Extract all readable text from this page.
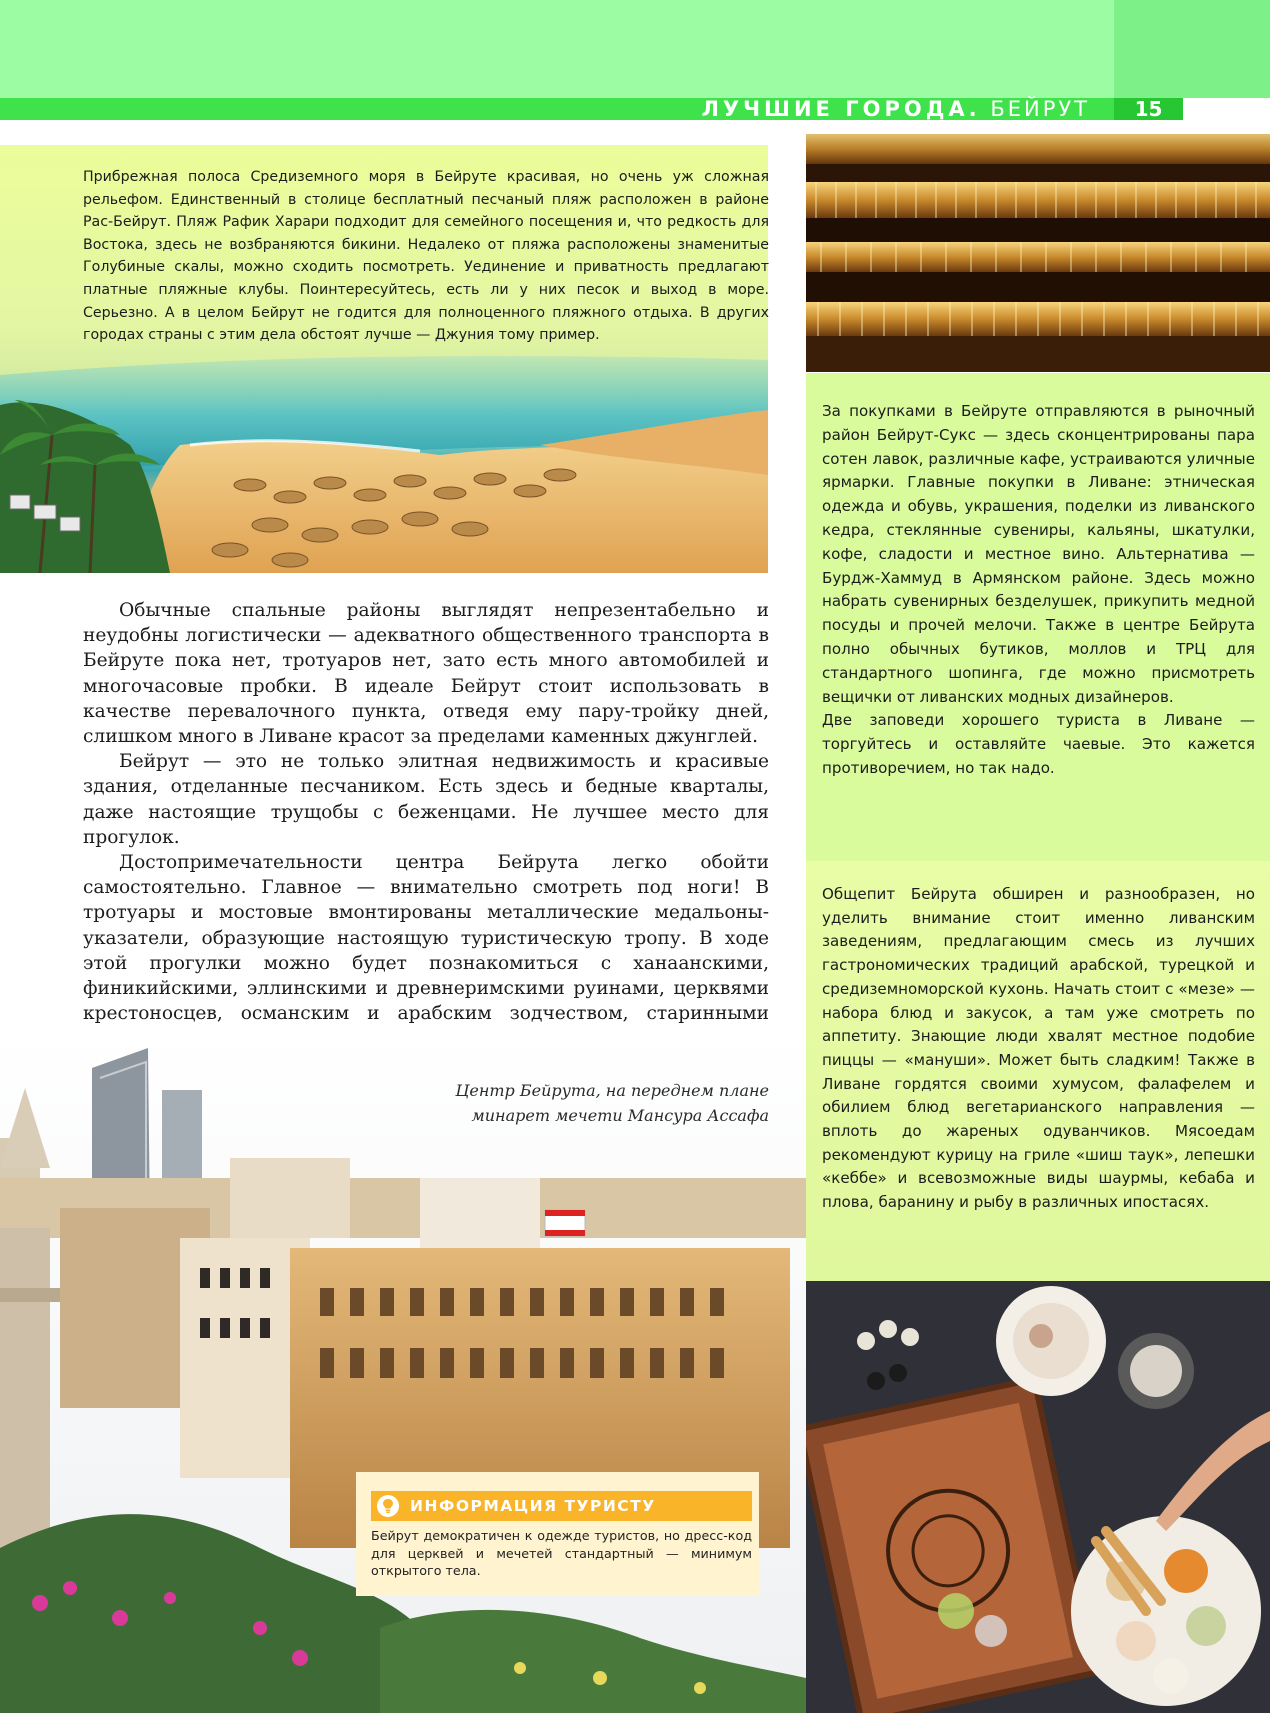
ЛУЧШИЕ ГОРОДА. БЕЙРУТ	15
Прибрежная полоса Средиземного моря в Бейруте красивая, но очень уж сложная рельефом. Единственный в столице бесплатный песчаный пляж расположен в районе Рас-Бейрут. Пляж Рафик Харари подходит для семейного посещения и, что редкость для Востока, здесь не возбраняются бикини. Недалеко от пляжа расположены знаменитые Голубиные скалы, можно сходить посмотреть. Уединение и приватность предлагают платные пляжные клубы. Поинтересуйтесь, есть ли у них песок и выход в море. Серьезно. А в целом Бейрут не годится для полноценного пляжного отдыха. В других городах страны с этим дела обстоят лучше — Джуния тому пример.
За покупками в Бейруте отправляются в рыночный район Бейрут-Сукс — здесь сконцентрированы пара сотен лавок, различные кафе, устраиваются уличные ярмарки. Главные покупки в Ливане: этническая одежда и обувь, украшения, поделки из ливанского кедра, стеклянные сувениры, кальяны, шкатулки, кофе, сладости и местное вино. Альтернатива — Бурдж-Хаммуд в Армянском районе. Здесь можно набрать сувенирных безделушек, прикупить медной посуды и прочей мелочи. Также в центре Бейрута полно обычных бутиков, моллов и ТРЦ для стандартного шопинга, где можно присмотреть вещички от ливанских модных дизайнеров.
Две заповеди хорошего туриста в Ливане — торгуйтесь и оставляйте чаевые. Это кажется противоречием, но так надо.
Общепит Бейрута обширен и разнообразен, но уделить внимание стоит именно ливанским заведениям, предлагающим смесь из лучших гастрономических традиций арабской, турецкой и средиземноморской кухонь. Начать стоит с «мезе» — набора блюд и закусок, а там уже смотреть по аппетиту. Знающие люди хвалят местное подобие пиццы — «мануши». Может быть сладким! Также в Ливане гордятся своими хумусом, фалафелем и обилием блюд вегетарианского направления — вплоть до жареных одуванчиков. Мясоедам рекомендуют курицу на гриле «шиш таук», лепешки «кеббе» и всевозможные виды шаурмы, кебаба и плова, баранину и рыбу в различных ипостасях.

Обычные спальные районы выглядят непрезентабельно и неудобны логистически — адекватного общественного транспорта в Бейруте пока нет, тротуаров нет, зато есть много автомобилей и многочасовые пробки. В идеале Бейрут стоит использовать в качестве перевалочного пункта, отведя ему пару-тройку дней, слишком много в Ливане красот за пределами каменных джунглей.

Бейрут — это не только элитная недвижимость и красивые здания, отделанные песчаником. Есть здесь и бедные кварталы, даже настоящие трущобы с беженцами. Не лучшее место для прогулок.

Достопримечательности центра Бейрута легко обойти самостоятельно. Главное — внимательно смотреть под ноги! В тротуары и мостовые вмонтированы металлические медальоны-указатели, образующие настоящую туристическую тропу. В ходе этой прогулки можно будет познакомиться с ханаанскими, финикийскими, эллинскими и древнеримскими руинами, церквями крестоносцев, османским и арабским зодчеством, старинными

Центр Бейрута, на переднем плане
минарет мечети Мансура Ассафа
ИНФОРМАЦИЯ ТУРИСТУ
Бейрут демократичен к одежде туристов, но дресс-код для церквей и мечетей стандартный — минимум открытого тела.
